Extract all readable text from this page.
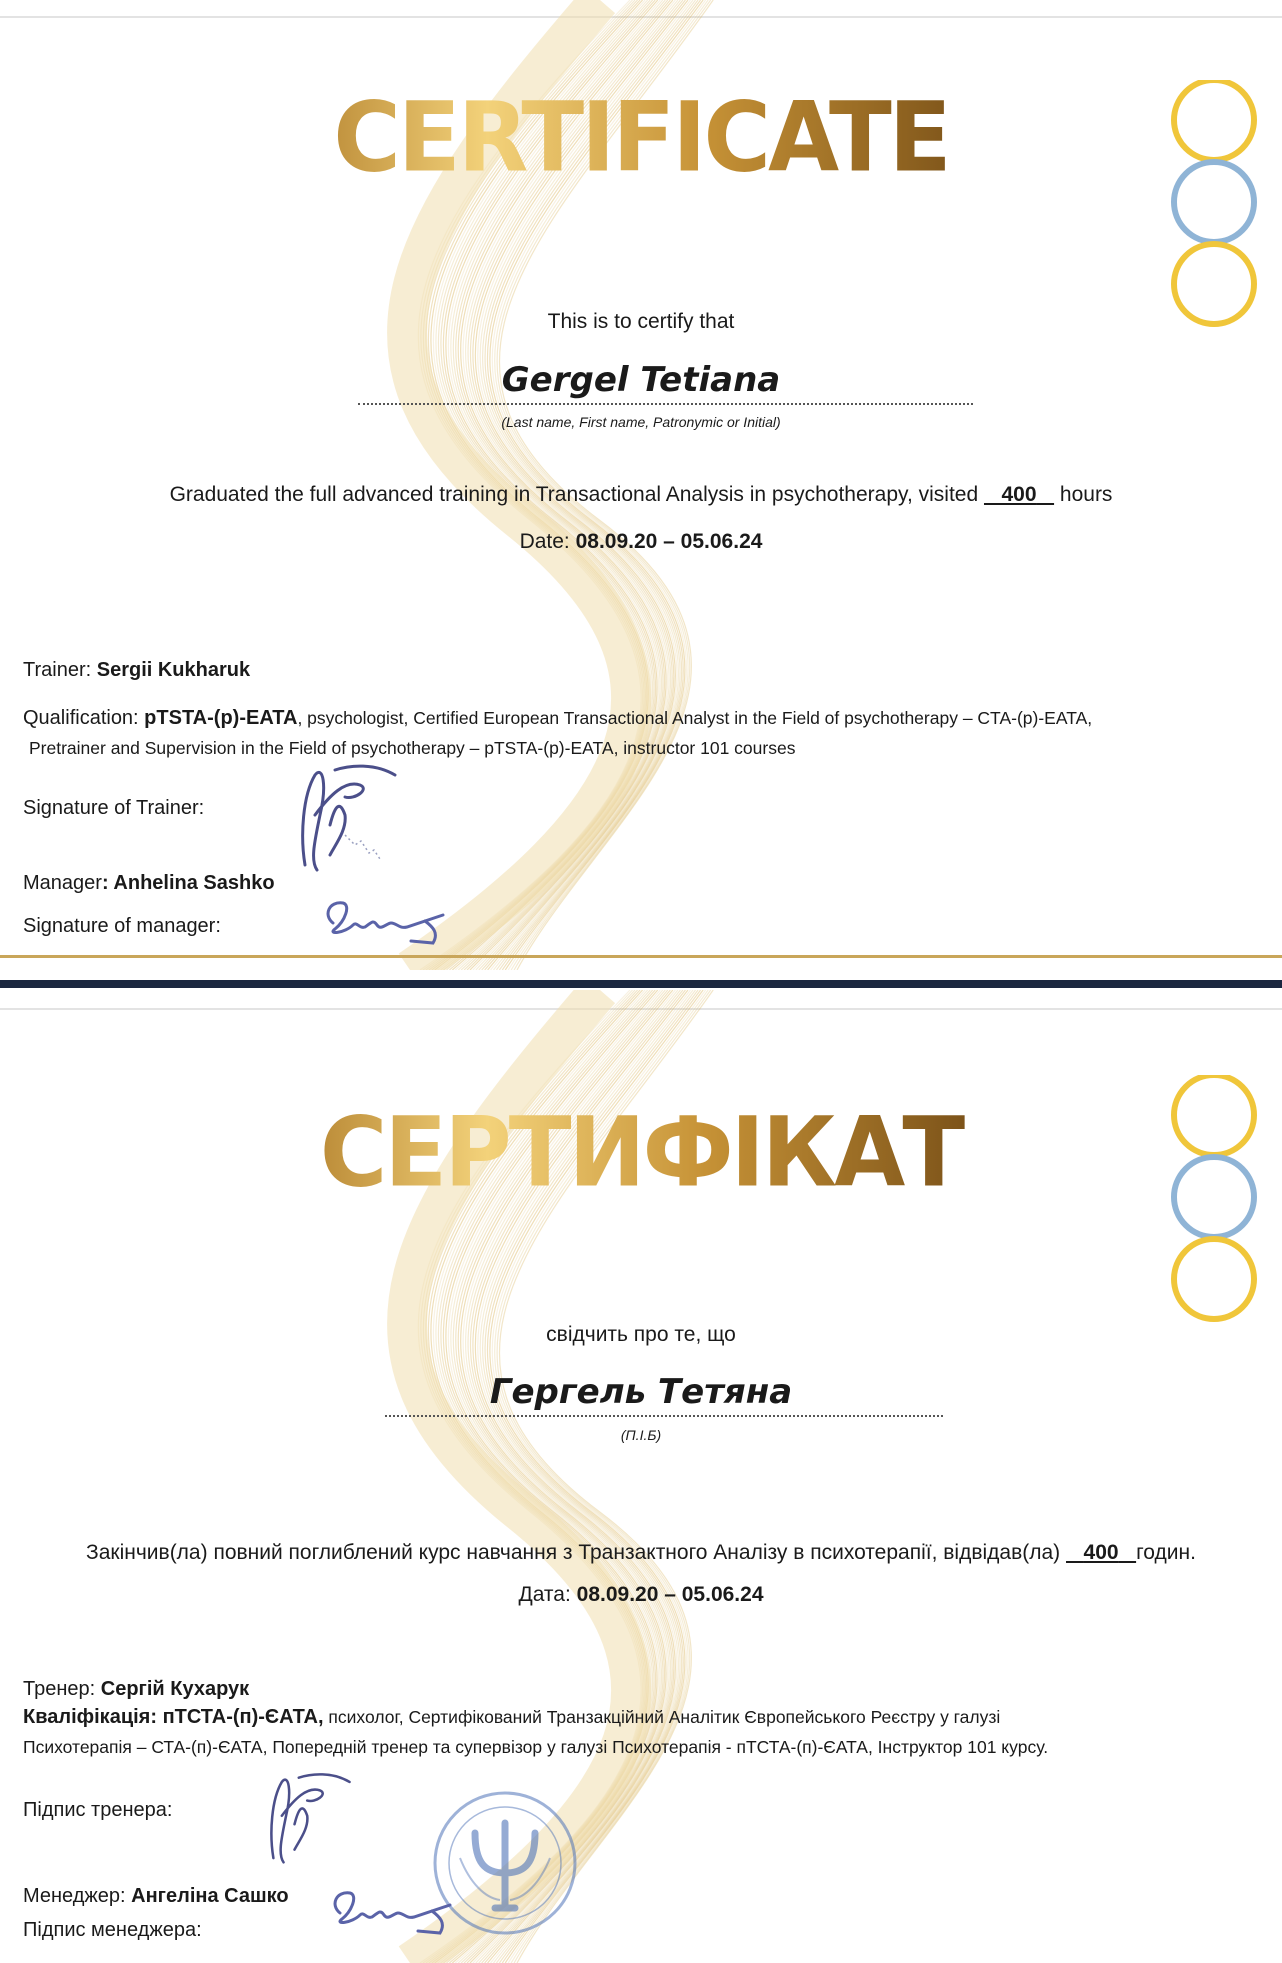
CERTIFICATE
This is to certify that
Gergel Tetiana
(Last name, First name, Patronymic or Initial)
Graduated the full advanced training in Transactional Analysis in psychotherapy, visited    400 hours
Date: 08.09.20 – 05.06.24
Trainer: Sergii Kukharuk
Qualification: pTSTA-(p)-EATA, psychologist, Certified European Transactional Analyst in the Field of psychotherapy – CTA-(p)-EATA,
Pretrainer and Supervision in the Field of psychotherapy – pTSTA-(p)-EATA, instructor 101 courses
Signature of Trainer:
Manager: Anhelina Sashko
Signature of manager:
СЕРТИФІКАТ
свідчить про те, що
Гергель Тетяна
(П.І.Б)
Закінчив(ла) повний поглиблений курс навчання з Транзактного Аналізу в психотерапії, відвідав(ла)    400 годин.
Дата: 08.09.20 – 05.06.24
Тренер: Сергій Кухарук
Кваліфікація: пТСТА-(п)-ЄАТА, психолог, Сертифікований Транзакційний Аналітик Європейського Реєстру у галузі
Психотерапія – СТА-(п)-ЄАТА, Попередній тренер та супервізор у галузі Психотерапія - пТСТА-(п)-ЄАТА, Інструктор 101 курсу.
Підпис тренера:
Менеджер: Ангеліна Сашко
Підпис менеджера:
